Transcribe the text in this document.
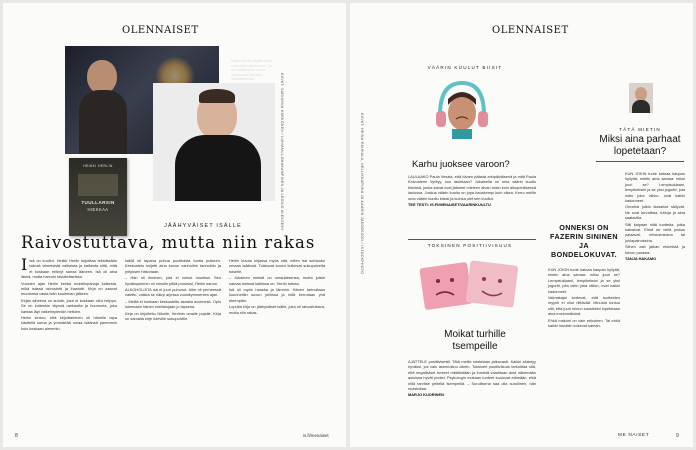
OLENNAISET
Heikki Herlin kirjoitti kirjan lukemalla Nikolle (vas.) ja sai edelleenkin usean "sanasalan vieraan" henkilökunnan.	KUVAT: SARIANNA HÄRKÖNEN / LUHMAN LOMAKAMPINEN JA LEONID ALEKSEEV
HEIKKI HERLIN
TUULLARSIN
HIEKKAA
JÄÄHYVÄISET ISÄLLE
Raivostuttava, mutta niin rakas

I Isä on kuollut. Heikki Herlin kirjoittaa tekstissään isänsä viimeisistä vaiheista ja kaikesta siitä, mitä ei koskaan ehtinyt sanoa ääneen. Isä oli aina läsnä, mutta harvoin tavoitettavissa.

Vuosien ajan Herlin keräsi muistiinpanoja kaikesta, mikä isässä raivostutti ja ihastutti. Kirja on saanut muotonsa vasta isän kuoleman jälkeen.

Kirjan aiheena on suhde, joka ei koskaan ollut helppo. Se on kuitenkin täynnä rakkautta ja huumoria, joka kantaa läpi vaikeimpienkin hetkien.

Herlin kertoo, että kirjoittaminen oli hänelle tapa käsitellä surua ja ymmärtää omaa isäänsä paremmin kuin koskaan aiemmin.

Isällä oli tapana puhua puolitoista tuntia putkeen. Keskustelu kuljetti aina suvun vanhoihin tarinoihin ja yrityksen historiaan.

– Hän oli ihminen, jota ei voinut muuttaa. Sen hyväksyminen oli minulle pitkä prosessi, Herlin sanoo.

ALKOHOLISTA isä ei juuri puhunut. Aihe oli perheessä vaiettu, vaikka se näkyi arjessa vuosikymmenten ajan.

– Meillä ei koskaan keskusteltu asiasta avoimesti. Opin lukemaan hänen mielialojaan jo lapsena.

Kirja on kirjoitettu Nikolle, Herlinin omalle pojalle. Kirja on samalla kirje tuleville sukupolville.

Herlin kuvaa kirjassa myös sitä, miten isä suhtautui omaan isäänsä. Toistuvat kuviot kulkevat sukupolvelta toiselle.

– Jokainen meistä on omanlaisensa, mutta jotain samaa meissä kaikissa on, Herlin toteaa.

Isä oli myös hauska ja lämmin. Hänen tarinoitaan kuunneltiin suvun juhlissa ja niitä kerrotaan yhä eteenpäin.

Lopulta kirja on jäähyväiset isälle, joka oli raivostuttava, mutta niin rakas.

8	is.fi/menaiset
OLENNAISET
VÄÄRIN KUULUT BIISIT
Karhu juoksee varoon?

LAULAAKO Paula Vesala, että hänen pääsisi arkipäiväisenä ja mitä Paula Koivuniemi Vyötyy, kun lauletaan? Jokaisella on oma väärin kuultu biisinsä, jonka sanat ovat jääneet mieleen aivan toisin kuin alkuperäisessä laulussa. Joskus väärin kuultu on jopa hauskempi kuin oikea. Kerro meille oma väärin kuultu biisisi ja kuinka olet sen kuullut.

TEE TESTI: IS.FI/MENAISET/VAARINKUULTU

TOKSINEN POSITIIVISUUS
Moikat turhille tsempeille

AJATTELE positiivisesti! Tätä meille toistetaan jatkuvasti. Kaikki kääntyy hyväksi, jos vain asennoituu oikein. Toksinen positiivisuus tarkoittaa sitä, että negatiiviset tunteet mitätöidään ja ihmistä vaaditaan aina näkemään asioissa hyvät puolet. Psykologin mukaan tunteet kuuluvat elämään, eikä niitä tarvitse peitellä tsempeillä. – Surullisena saa olla surullinen, hän muistuttaa.

MARJO KUORINEN

KUVAT: HEINA RAUHALA, NELLIKKAPUNA JA KAARIN JAKOBSSON / ISTOCKPHOTO	TÄTÄ MIETIN
Miksi aina parhaat lopetetaan?
ONNEKSI ON FAZERIN SININEN JA BONDELOKUVAT.

KUN JOKIN tuote katoaa kaupan hyllyltä, mietin aina samaa: miksi juuri se? Lempisuklaani, lempikeksini ja se yksi jogurtti, jota ostin joka viikko, ovat kaikki kadonneet.

Valmistajat kertovat, että tuotteiden myynti ei ollut riittävää. Minusta tuntuu silti, että juuri minun suosikkini lopetetaan aina ensimmäisinä.

Ehkä makuni on vain erikoinen. Tai ehkä kaikki muutkin kokevat saman.

KUN JOKIN tuote katoaa kaupan hyllyltä, mietin aina samaa: miksi juuri se? Lempisuklaani, lempikeksini ja se yksi jogurtti, jota ostin joka viikko, ovat kaikki kadonneet.

Onneksi jotkin klassikot säilyvät. Ne ovat turvallisia, tuttuja ja aina saatavilla.

Silti kaipaan niitä tuotteita, jotka katosivat. Ehkä ne vielä joskus palaavat, retroversioina tai juhlapainoksina.

Siihen asti jatkan etsimistä ja toivon parasta.

TANJA HAKAMO

ME NAISET	9
